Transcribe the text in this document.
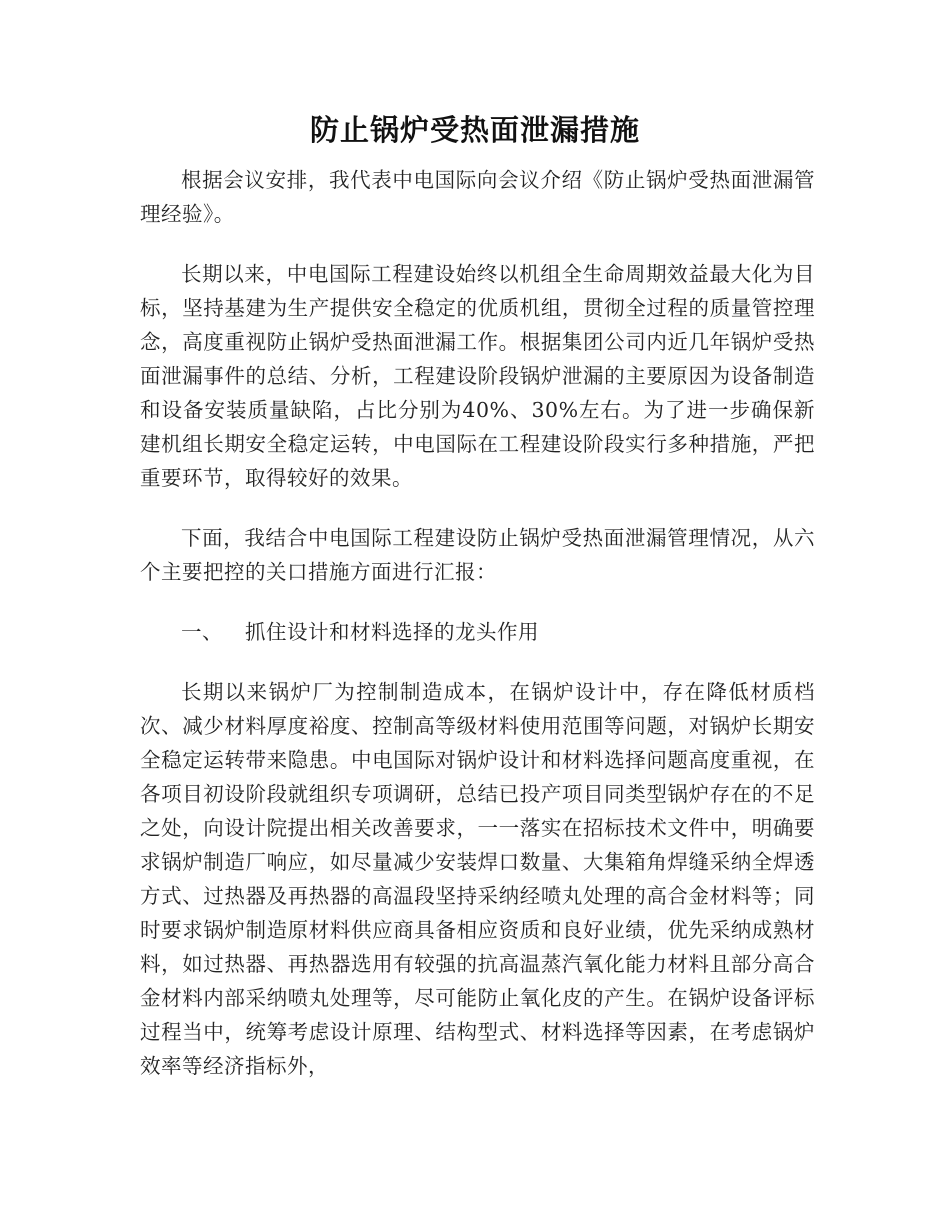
防止锅炉受热面泄漏措施

根据会议安排，我代表中电国际向会议介绍《防止锅炉受热面泄漏管理经验》。

长期以来，中电国际工程建设始终以机组全生命周期效益最大化为目标，坚持基建为生产提供安全稳定的优质机组，贯彻全过程的质量管控理念，高度重视防止锅炉受热面泄漏工作。根据集团公司内近几年锅炉受热面泄漏事件的总结、分析，工程建设阶段锅炉泄漏的主要原因为设备制造和设备安装质量缺陷，占比分别为40%、30%左右。为了进一步确保新建机组长期安全稳定运转，中电国际在工程建设阶段实行多种措施，严把重要环节，取得较好的效果。

下面，我结合中电国际工程建设防止锅炉受热面泄漏管理情况，从六个主要把控的关口措施方面进行汇报：

一、 抓住设计和材料选择的龙头作用

长期以来锅炉厂为控制制造成本，在锅炉设计中，存在降低材质档次、减少材料厚度裕度、控制高等级材料使用范围等问题，对锅炉长期安全稳定运转带来隐患。中电国际对锅炉设计和材料选择问题高度重视，在各项目初设阶段就组织专项调研，总结已投产项目同类型锅炉存在的不足之处，向设计院提出相关改善要求，一一落实在招标技术文件中，明确要求锅炉制造厂响应，如尽量减少安装焊口数量、大集箱角焊缝采纳全焊透方式、过热器及再热器的高温段坚持采纳经喷丸处理的高合金材料等；同时要求锅炉制造原材料供应商具备相应资质和良好业绩，优先采纳成熟材料，如过热器、再热器选用有较强的抗高温蒸汽氧化能力材料且部分高合金材料内部采纳喷丸处理等，尽可能防止氧化皮的产生。在锅炉设备评标过程当中，统筹考虑设计原理、结构型式、材料选择等因素，在考虑锅炉效率等经济指标外，
